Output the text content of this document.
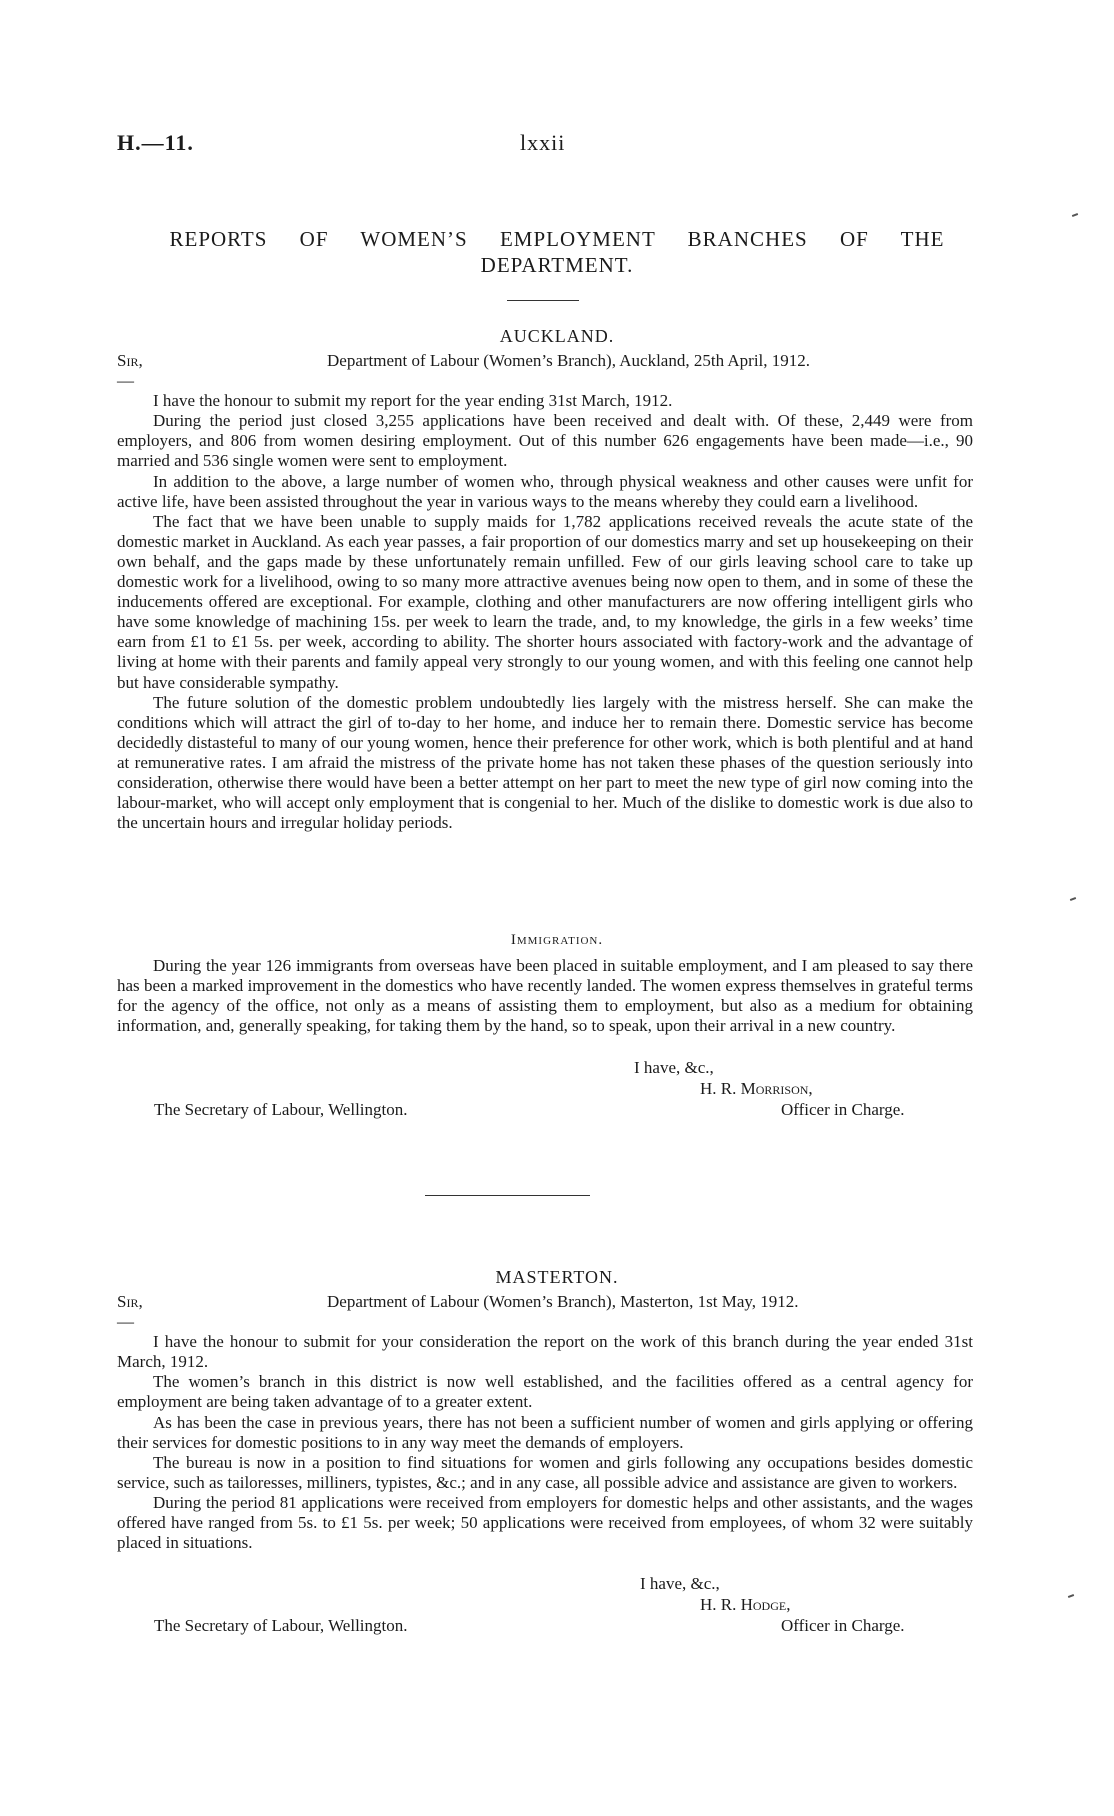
H.—11.	lxxii
REPORTS OF WOMEN’S EMPLOYMENT BRANCHES OF THE
DEPARTMENT.
AUCKLAND.
Sir,—
Department of Labour (Women’s Branch), Auckland, 25th April, 1912.

I have the honour to submit my report for the year ending 31st March, 1912.

During the period just closed 3,255 applications have been received and dealt with. Of these, 2,449 were from employers, and 806 from women desiring employment. Out of this number 626 engagements have been made—i.e., 90 married and 536 single women were sent to employment.

In addition to the above, a large number of women who, through physical weakness and other causes were unfit for active life, have been assisted throughout the year in various ways to the means whereby they could earn a livelihood.

The fact that we have been unable to supply maids for 1,782 applications received reveals the acute state of the domestic market in Auckland. As each year passes, a fair proportion of our domestics marry and set up housekeeping on their own behalf, and the gaps made by these unfortunately remain unfilled. Few of our girls leaving school care to take up domestic work for a livelihood, owing to so many more attractive avenues being now open to them, and in some of these the inducements offered are exceptional. For example, clothing and other manufacturers are now offering intelligent girls who have some knowledge of machining 15s. per week to learn the trade, and, to my knowledge, the girls in a few weeks’ time earn from £1 to £1 5s. per week, according to ability. The shorter hours associated with factory-work and the advantage of living at home with their parents and family appeal very strongly to our young women, and with this feeling one cannot help but have considerable sympathy.

The future solution of the domestic problem undoubtedly lies largely with the mistress herself. She can make the conditions which will attract the girl of to-day to her home, and induce her to remain there. Domestic service has become decidedly distasteful to many of our young women, hence their preference for other work, which is both plentiful and at hand at remunerative rates. I am afraid the mistress of the private home has not taken these phases of the question seriously into consideration, otherwise there would have been a better attempt on her part to meet the new type of girl now coming into the labour-market, who will accept only employment that is congenial to her. Much of the dislike to domestic work is due also to the uncertain hours and irregular holiday periods.

Immigration.

During the year 126 immigrants from overseas have been placed in suitable employment, and I am pleased to say there has been a marked improvement in the domestics who have recently landed. The women express themselves in grateful terms for the agency of the office, not only as a means of assisting them to employment, but also as a medium for obtaining information, and, generally speaking, for taking them by the hand, so to speak, upon their arrival in a new country.

I have, &c.,
H. R. Morrison,
The Secretary of Labour, Wellington.	Officer in Charge.
MASTERTON.
Sir,—
Department of Labour (Women’s Branch), Masterton, 1st May, 1912.

I have the honour to submit for your consideration the report on the work of this branch during the year ended 31st March, 1912.

The women’s branch in this district is now well established, and the facilities offered as a central agency for employment are being taken advantage of to a greater extent.

As has been the case in previous years, there has not been a sufficient number of women and girls applying or offering their services for domestic positions to in any way meet the demands of employers.

The bureau is now in a position to find situations for women and girls following any occupations besides domestic service, such as tailoresses, milliners, typistes, &c.; and in any case, all possible advice and assistance are given to workers.

During the period 81 applications were received from employers for domestic helps and other assistants, and the wages offered have ranged from 5s. to £1 5s. per week; 50 applications were received from employees, of whom 32 were suitably placed in situations.

I have, &c.,
H. R. Hodge,
The Secretary of Labour, Wellington.	Officer in Charge.
